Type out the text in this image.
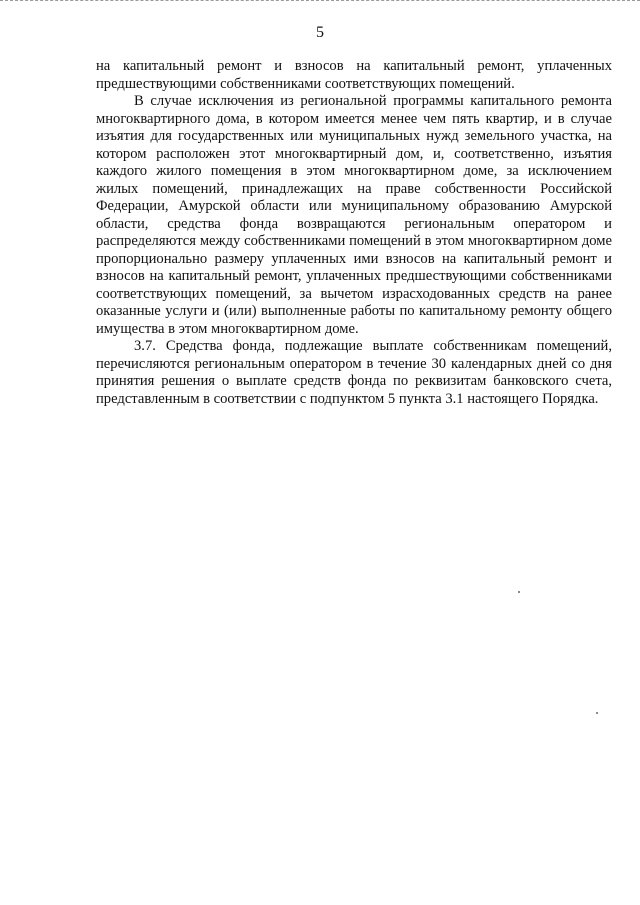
5

на капитальный ремонт и взносов на капитальный ремонт, уплаченных предшествующими собственниками соответствующих помещений.

В случае исключения из региональной программы капитального ремонта многоквартирного дома, в котором имеется менее чем пять квартир, и в случае изъятия для государственных или муниципальных нужд земельного участка, на котором расположен этот многоквартирный дом, и, соответственно, изъятия каждого жилого помещения в этом многоквартирном доме, за исключением жилых помещений, принадлежащих на праве собственности Российской Федерации, Амурской области или муниципальному образованию Амурской области, средства фонда возвращаются региональным оператором и распределяются между собственниками помещений в этом многоквартирном доме пропорционально размеру уплаченных ими взносов на капитальный ремонт и взносов на капитальный ремонт, уплаченных предшествующими собственниками соответствующих помещений, за вычетом израсходованных средств на ранее оказанные услуги и (или) выполненные работы по капитальному ремонту общего имущества в этом многоквартирном доме.

3.7. Средства фонда, подлежащие выплате собственникам помещений, перечисляются региональным оператором в течение 30 календарных дней со дня принятия решения о выплате средств фонда по реквизитам банковского счета, представленным в соответствии с подпунктом 5 пункта 3.1 настоящего Порядка.
